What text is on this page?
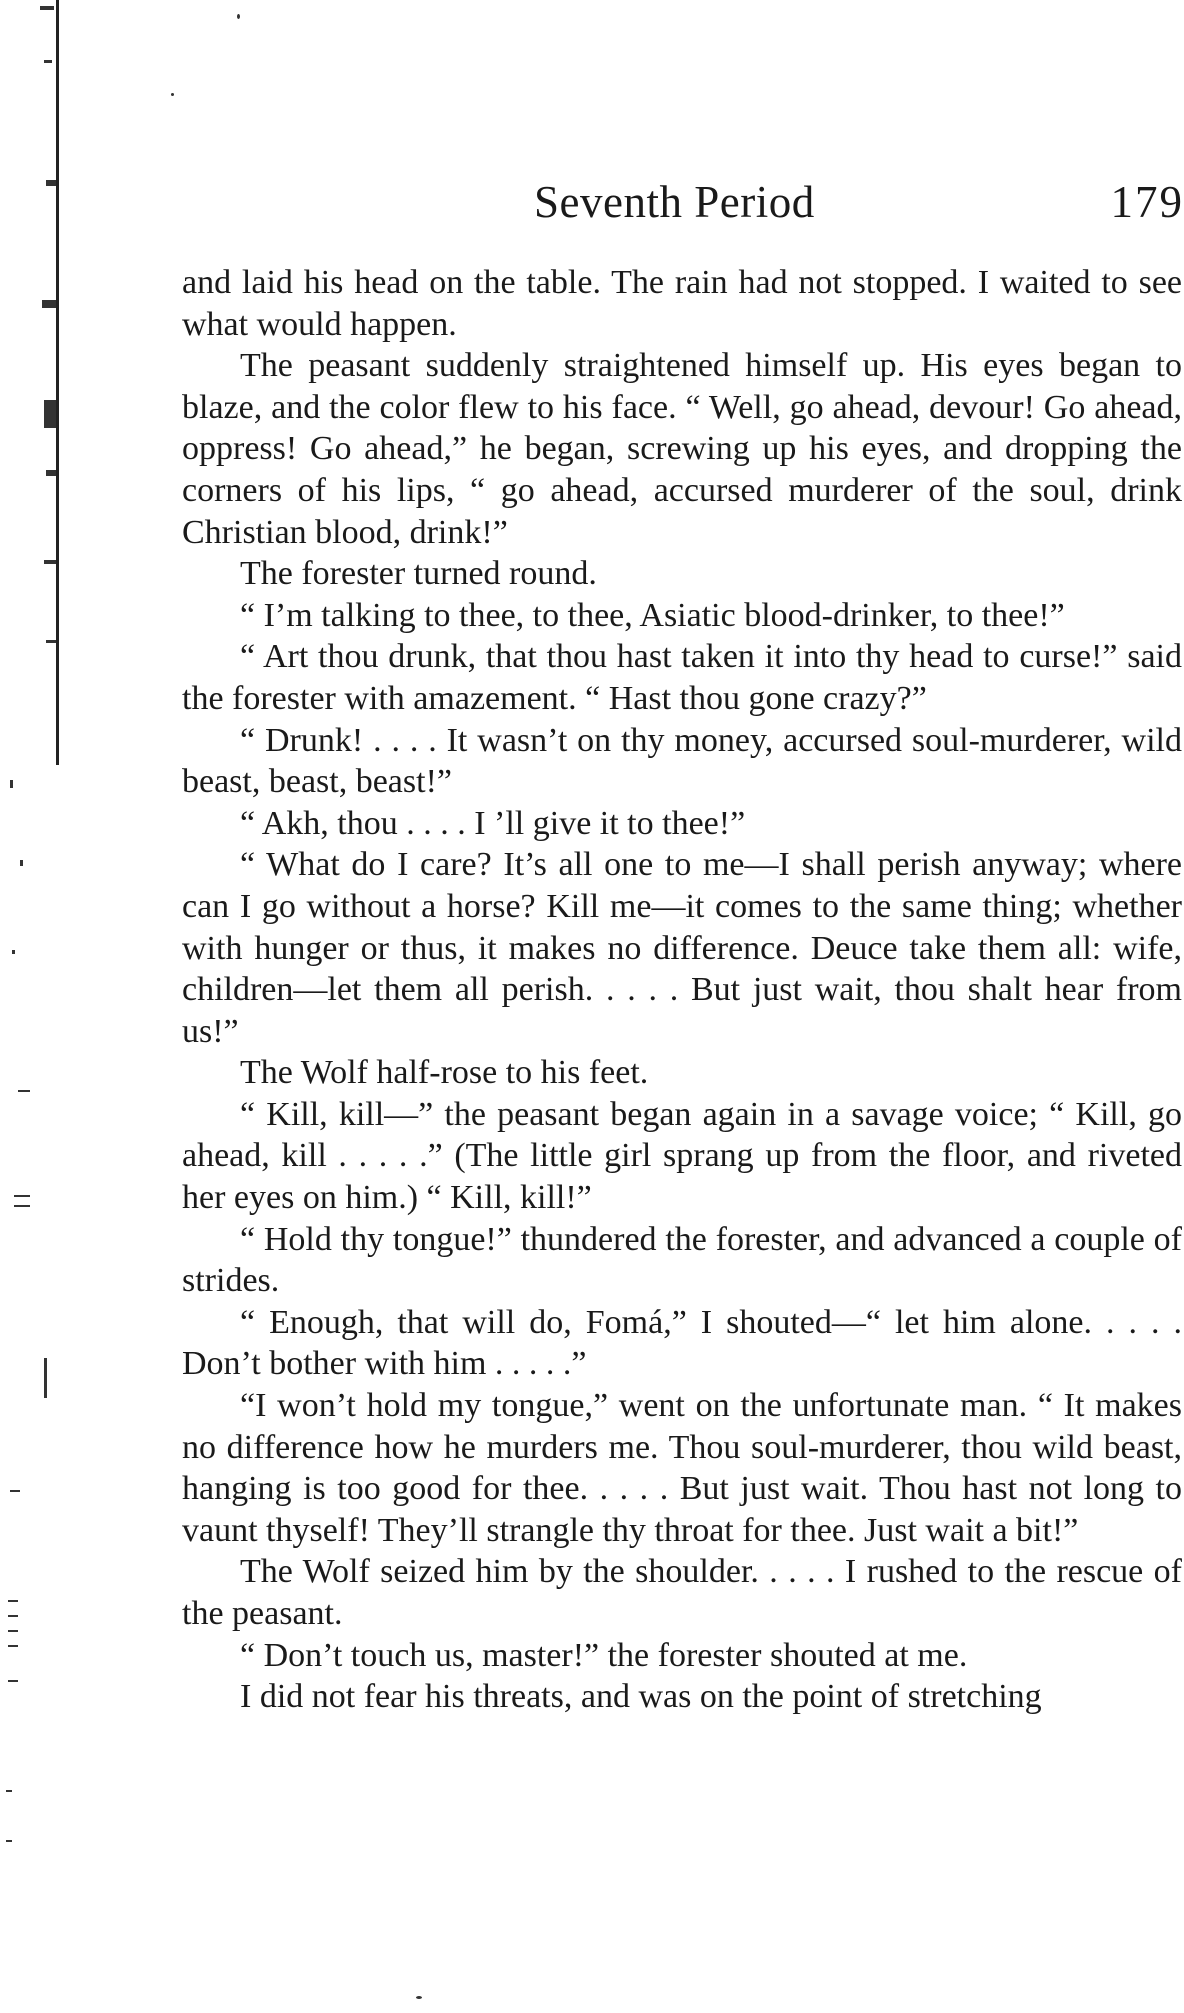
Seventh Period	179

and laid his head on the table. The rain had not stopped. I waited to see what would happen.

The peasant suddenly straightened himself up. His eyes began to blaze, and the color flew to his face. “ Well, go ahead, devour! Go ahead, oppress! Go ahead,” he began, screwing up his eyes, and dropping the corners of his lips, “ go ahead, accursed murderer of the soul, drink Christian blood, drink!”

The forester turned round.

“ I’m talking to thee, to thee, Asiatic blood-drinker, to thee!”

“ Art thou drunk, that thou hast taken it into thy head to curse!” said the forester with amazement. “ Hast thou gone crazy?”

“ Drunk! . . . . It wasn’t on thy money, accursed soul-murderer, wild beast, beast, beast!”

“ Akh, thou . . . . I ’ll give it to thee!”

“ What do I care? It’s all one to me—I shall perish anyway; where can I go without a horse? Kill me—it comes to the same thing; whether with hunger or thus, it makes no difference. Deuce take them all: wife, children—let them all perish. . . . . But just wait, thou shalt hear from us!”

The Wolf half-rose to his feet.

“ Kill, kill—” the peasant began again in a savage voice; “ Kill, go ahead, kill . . . . .” (The little girl sprang up from the floor, and riveted her eyes on him.) “ Kill, kill!”

“ Hold thy tongue!” thundered the forester, and advanced a couple of strides.

“ Enough, that will do, Fomá,” I shouted—“ let him alone. . . . . Don’t bother with him . . . . .”

“I won’t hold my tongue,” went on the unfortunate man. “ It makes no difference how he murders me. Thou soul-murderer, thou wild beast, hanging is too good for thee. . . . . But just wait. Thou hast not long to vaunt thyself! They’ll strangle thy throat for thee. Just wait a bit!”

The Wolf seized him by the shoulder. . . . . I rushed to the rescue of the peasant.

“ Don’t touch us, master!” the forester shouted at me.

I did not fear his threats, and was on the point of stretching
